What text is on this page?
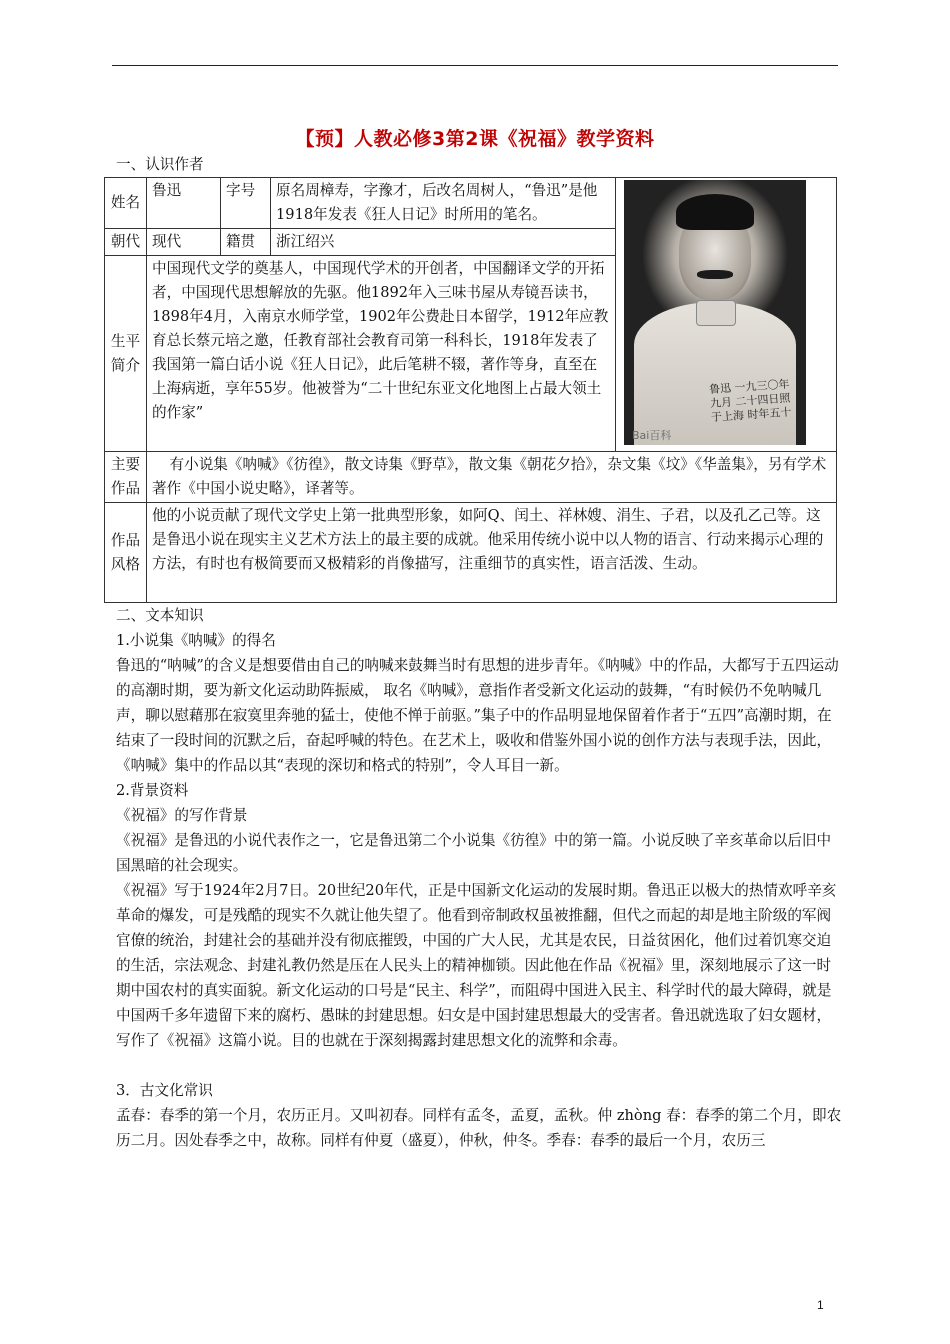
【预】人教必修3第2课《祝福》教学资料

一、认识作者

姓名	鲁迅	字号	原名周樟寿，字豫才，后改名周树人，“鲁迅”是他1918年发表《狂人日记》时所用的笔名。	鲁迅 一九三〇年九月 二十四日照于上海 时年五十
Bai百科

朝代	现代	籍贯	浙江绍兴	
生平
简介	中国现代文学的奠基人，中国现代学术的开创者，中国翻译文学的开拓者，中国现代思想解放的先驱。他1892年入三味书屋从寿镜吾读书，1898年4月，入南京水师学堂，1902年公费赴日本留学，1912年应教育总长蔡元培之邀，任教育部社会教育司第一科科长，1918年发表了我国第一篇白话小说《狂人日记》，此后笔耕不辍，著作等身，直至在上海病逝，享年55岁。他被誉为“二十世纪东亚文化地图上占最大领土的作家”			
主要
作品	有小说集《呐喊》《彷徨》，散文诗集《野草》，散文集《朝花夕拾》，杂文集《坟》《华盖集》，另有学术著作《中国小说史略》，译著等。			
作品
风格	他的小说贡献了现代文学史上第一批典型形象，如阿Q、闰土、祥林嫂、涓生、子君，以及孔乙己等。这是鲁迅小说在现实主义艺术方法上的最主要的成就。他采用传统小说中以人物的语言、行动来揭示心理的方法，有时也有极简要而又极精彩的肖像描写，注重细节的真实性，语言活泼、生动。			

二、文本知识

1.小说集《呐喊》的得名

鲁迅的“呐喊”的含义是想要借由自己的呐喊来鼓舞当时有思想的进步青年。《呐喊》中的作品，大都写于五四运动的高潮时期，要为新文化运动助阵振威， 取名《呐喊》，意指作者受新文化运动的鼓舞，“有时候仍不免呐喊几声，聊以慰藉那在寂寞里奔驰的猛士，使他不惮于前驱。”集子中的作品明显地保留着作者于“五四”高潮时期，在结束了一段时间的沉默之后，奋起呼喊的特色。在艺术上，吸收和借鉴外国小说的创作方法与表现手法，因此，《呐喊》集中的作品以其“表现的深切和格式的特别”，令人耳目一新。

2.背景资料

《祝福》的写作背景

《祝福》是鲁迅的小说代表作之一，它是鲁迅第二个小说集《彷徨》中的第一篇。小说反映了辛亥革命以后旧中国黑暗的社会现实。

《祝福》写于1924年2月7日。20世纪20年代，正是中国新文化运动的发展时期。鲁迅正以极大的热情欢呼辛亥革命的爆发，可是残酷的现实不久就让他失望了。他看到帝制政权虽被推翻，但代之而起的却是地主阶级的军阀官僚的统治，封建社会的基础并没有彻底摧毁，中国的广大人民，尤其是农民，日益贫困化，他们过着饥寒交迫的生活，宗法观念、封建礼教仍然是压在人民头上的精神枷锁。因此他在作品《祝福》里，深刻地展示了这一时期中国农村的真实面貌。新文化运动的口号是“民主、科学”，而阻碍中国进入民主、科学时代的最大障碍，就是中国两千多年遗留下来的腐朽、愚昧的封建思想。妇女是中国封建思想最大的受害者。鲁迅就选取了妇女题材，写作了《祝福》这篇小说。目的也就在于深刻揭露封建思想文化的流弊和余毒。

3．古文化常识

孟春：春季的第一个月，农历正月。又叫初春。同样有孟冬，孟夏，孟秋。仲 zhòng 春：春季的第二个月，即农历二月。因处春季之中，故称。同样有仲夏（盛夏），仲秋，仲冬。季春：春季的最后一个月，农历三

1
